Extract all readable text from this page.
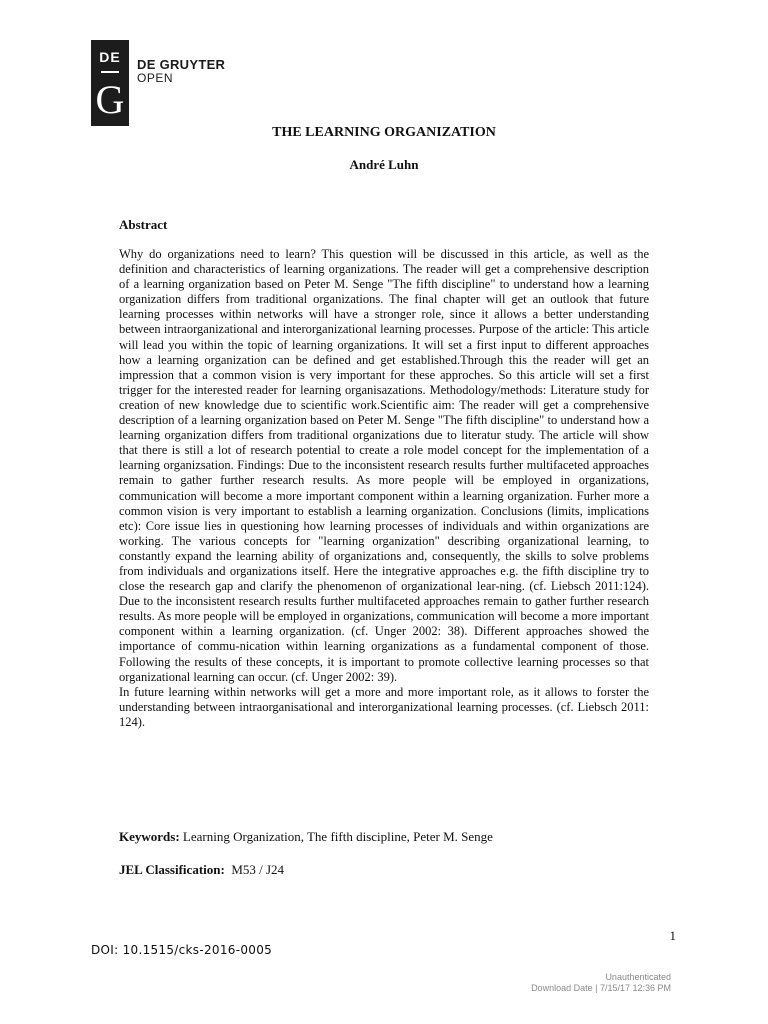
DE
G
DE GRUYTER
OPEN
THE LEARNING ORGANIZATION
André Luhn
Abstract

Why do organizations need to learn? This question will be discussed in this article, as well as the definition and characteristics of learning organizations. The reader will get a comprehensive description of a learning organization based on Peter M. Senge "The fifth discipline" to understand how a learning organization differs from traditional organizations. The final chapter will get an outlook that future learning processes within networks will have a stronger role, since it allows a better understanding between intraorganizational and interorganizational learning processes. Purpose of the article: This article will lead you within the topic of learning organizations. It will set a first input to different approaches how a learning organization can be defined and get established.Through this the reader will get an impression that a common vision is very important for these approches. So this article will set a first trigger for the interested reader for learning organisazations. Methodology/methods: Literature study for creation of new knowledge due to scientific work.Scientific aim: The reader will get a comprehensive description of a learning organization based on Peter M. Senge "The fifth discipline" to understand how a learning organization differs from traditional organizations due to literatur study. The article will show that there is still a lot of research potential to create a role model concept for the implementation of a learning organizsation. Findings: Due to the inconsistent research results further multifaceted approaches remain to gather further research results. As more people will be employed in organizations, communication will become a more important component within a learning organization. Furher more a common vision is very important to establish a learning organization. Conclusions (limits, implications etc): Core issue lies in questioning how learning processes of individuals and within organizations are working. The various concepts for "learning organization" describing organizational learning, to constantly expand the learning ability of organizations and, consequently, the skills to solve problems from individuals and organizations itself. Here the integrative approaches e.g. the fifth discipline try to close the research gap and clarify the phenomenon of organizational lear-ning. (cf. Liebsch 2011:124). Due to the inconsistent research results further multifaceted approaches remain to gather further research results. As more people will be employed in organizations, communication will become a more important component within a learning organization. (cf. Unger 2002: 38). Different approaches showed the importance of commu-nication within learning organizations as a fundamental component of those. Following the results of these concepts, it is important to promote collective learning processes so that organizational learning can occur. (cf. Unger 2002: 39).

In future learning within networks will get a more and more important role, as it allows to forster the understanding between intraorganisational and interorganizational learning processes. (cf. Liebsch 2011: 124).

Keywords: Learning Organization, The fifth discipline, Peter M. Senge
JEL Classification: M53 / J24
1
DOI: 10.1515/cks-2016-0005
Unauthenticated
Download Date | 7/15/17 12:36 PM
